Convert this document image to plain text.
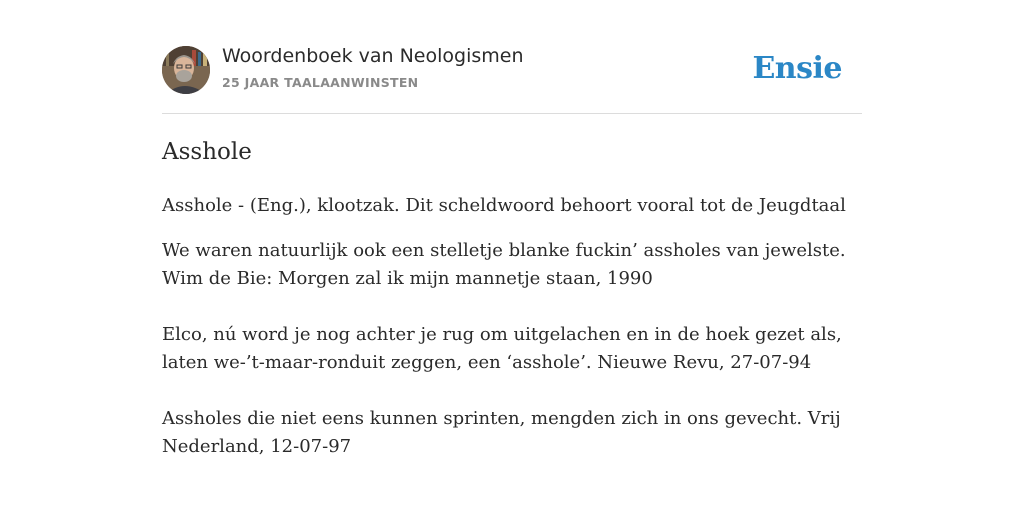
Woordenboek van Neologismen
25 JAAR TAALAANWINSTEN	Ensie
Asshole

Asshole - (Eng.), klootzak. Dit scheldwoord behoort vooral tot de Jeugdtaal

We waren natuurlijk ook een stelletje blanke fuckin’ assholes van jewelste. Wim de Bie: Morgen zal ik mijn mannetje staan, 1990

Elco, nú word je nog achter je rug om uitgelachen en in de hoek gezet als, laten we-’t-maar-ronduit zeggen, een ‘asshole’. Nieuwe Revu, 27-07-94

Assholes die niet eens kunnen sprinten, mengden zich in ons gevecht. Vrij Nederland, 12-07-97
